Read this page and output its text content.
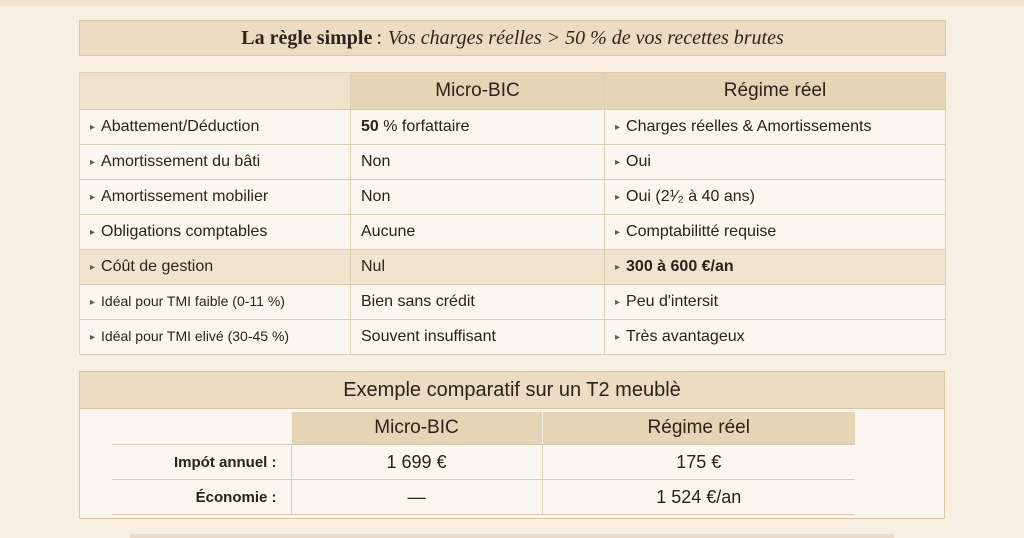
La règle simple : Vos charges réelles > 50 % de vos recettes brutes
	Micro-BIC	Régime réel
▸ Abattement/Déduction	50 % forfattaire	▸ Charges réelles & Amortissements
▸ Amortissement du bâti	Non	▸ Oui
▸ Amortissement mobilier	Non	▸ Oui (2¹⁄₂ à 40 ans)
▸ Obligations comptables	Aucune	▸ Comptabilitté requise
▸ Cóût de gestion	Nul	▸ 300 à 600 €/an
▸ Idéal pour TMI faible (0-11 %)	Bien sans crédit	▸ Peu d'intersit
▸ Idéal pour TMI elivé (30-45 %)	Souvent insuffisant	▸ Très avantageux
Exemple comparatif sur un T2 meublè
	Micro-BIC	Régime réel
Impót annuel :	1 699 €	175 €
Économie :	—	1 524 €/an
